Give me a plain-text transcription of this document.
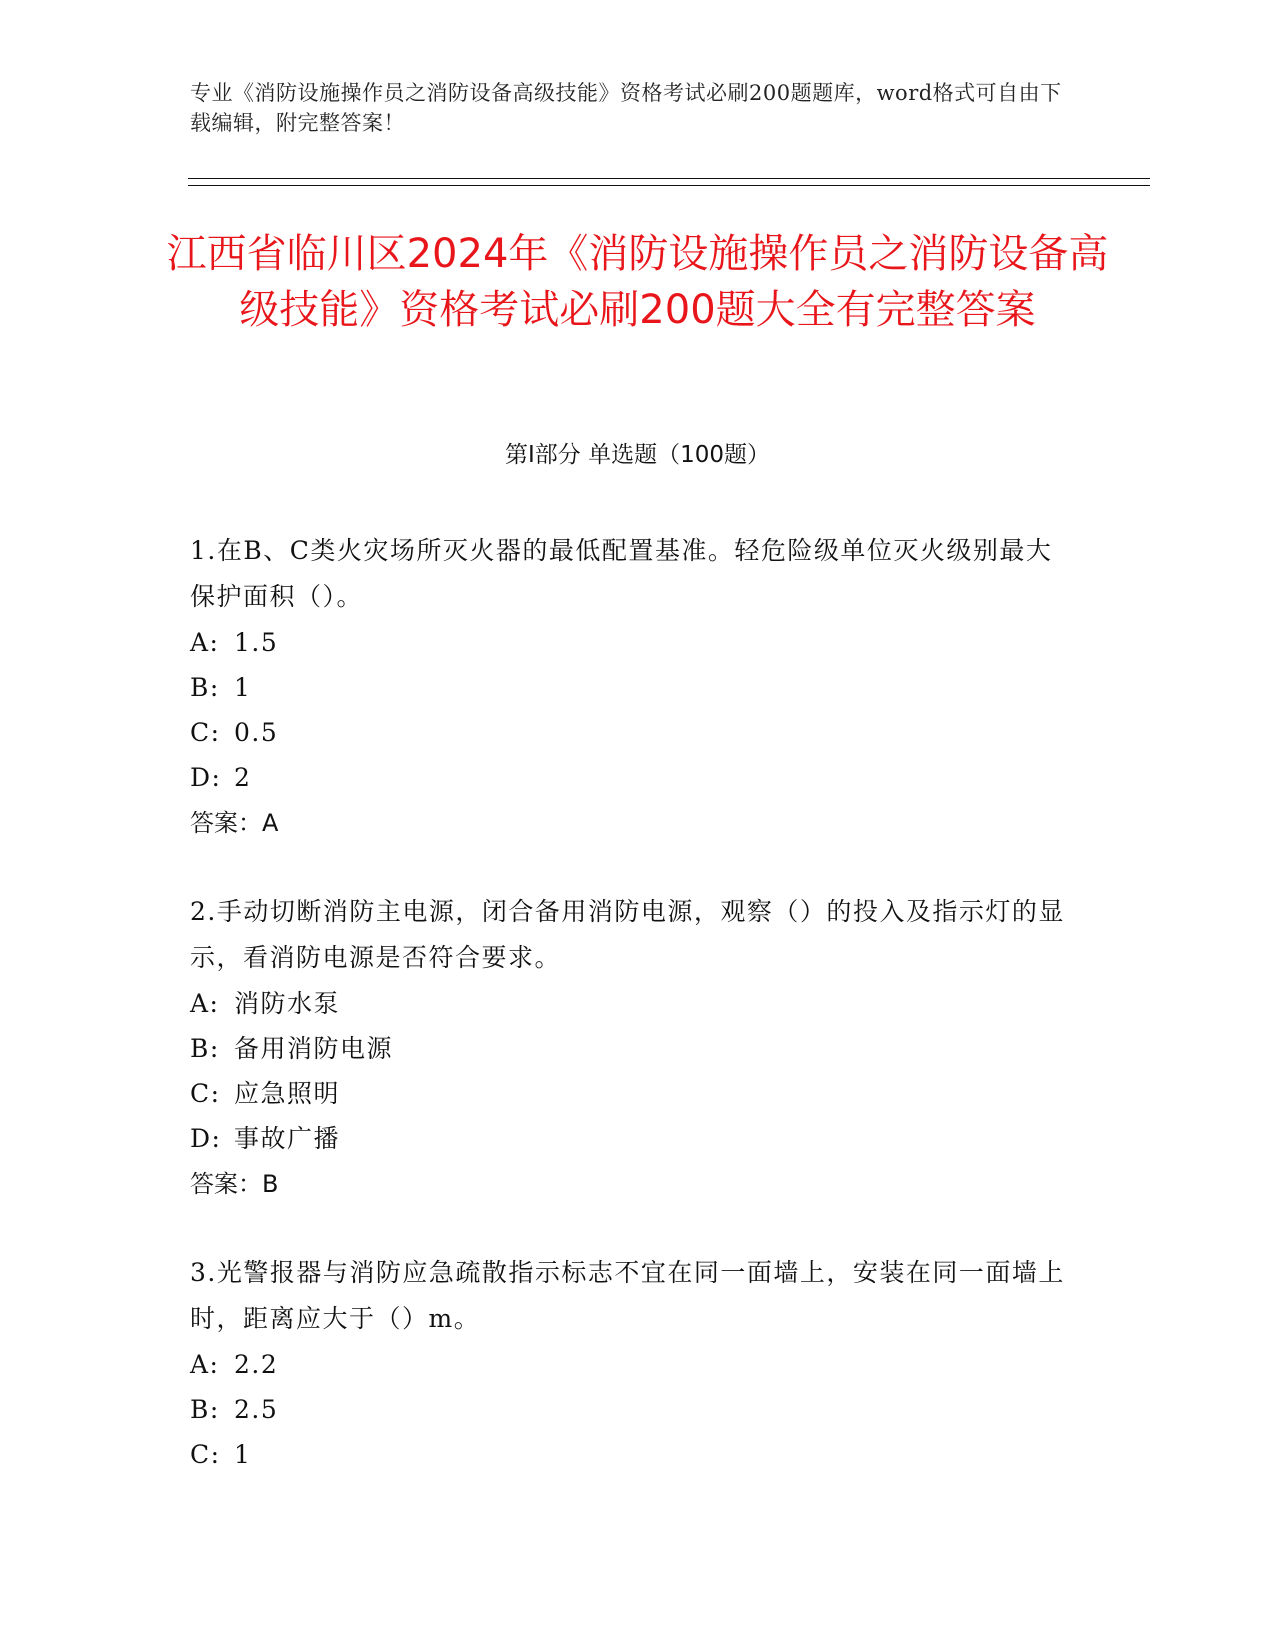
专业《消防设施操作员之消防设备高级技能》资格考试必刷200题题库，word格式可自由下载编辑，附完整答案！
江西省临川区2024年《消防设施操作员之消防设备高级技能》资格考试必刷200题大全有完整答案
第I部分 单选题（100题）
1.在B、C类火灾场所灭火器的最低配置基准。轻危险级单位灭火级别最大保护面积（）。
A: 1.5
B: 1
C: 0.5
D: 2
答案：A
2.手动切断消防主电源，闭合备用消防电源，观察（）的投入及指示灯的显示，看消防电源是否符合要求。
A: 消防水泵
B: 备用消防电源
C: 应急照明
D: 事故广播
答案：B
3.光警报器与消防应急疏散指示标志不宜在同一面墙上，安装在同一面墙上时，距离应大于（）m。
A: 2.2
B: 2.5
C: 1
